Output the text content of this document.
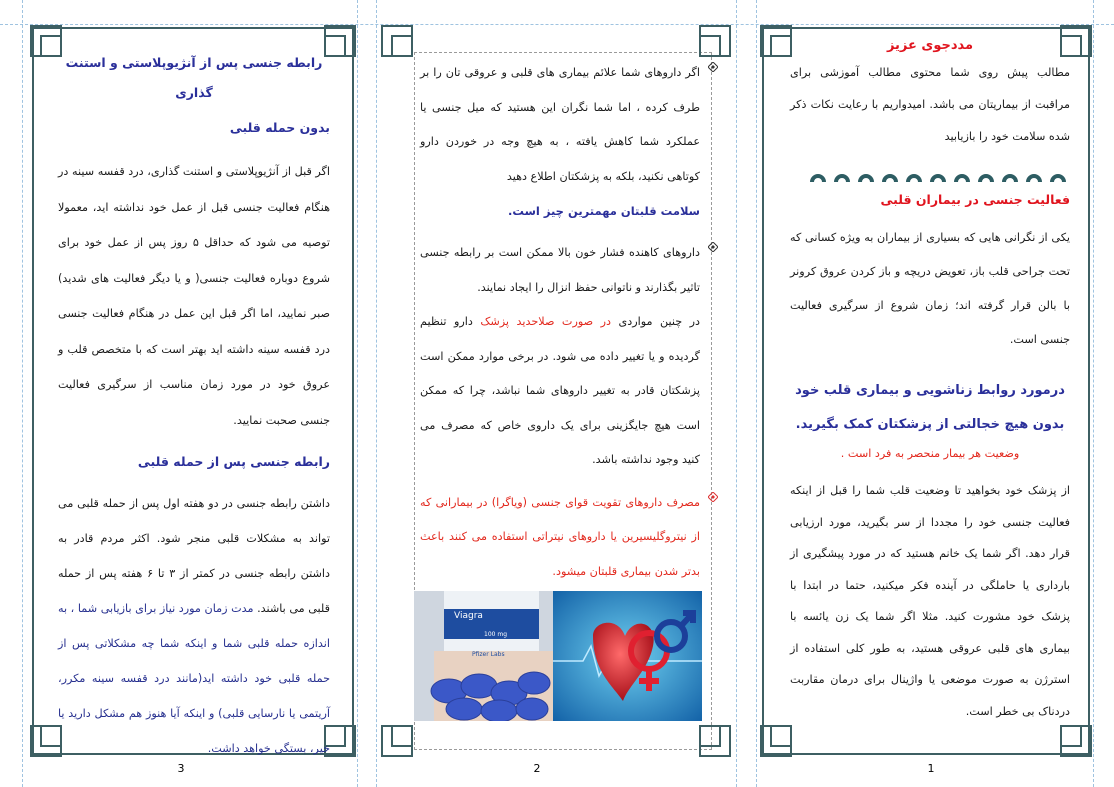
مددجوی عزیز

مطالب پیش روی شما محتوی مطالب آموزشی برای مراقبت از بیماریتان می باشد. امیدواریم با رعایت نکات ذکر شده سلامت خود را بازیابید

فعالیت جنسی در بیماران قلبی

یکی از نگرانی هایی که بسیاری از بیماران به ویژه کسانی که تحت جراحی قلب باز، تعویض دریچه و باز کردن عروق کرونر با بالن قرار گرفته اند؛ زمان شروع از سرگیری فعالیت جنسی است.

درمورد روابط زناشویی و بیماری قلب خود

بدون هیچ خجالتی از پزشکتان کمک بگیرید.

وضعیت هر بیمار منحصر به فرد است .

از پزشک خود بخواهید تا وضعیت قلب شما را قبل از اینکه فعالیت جنسی خود را مجددا از سر بگیرید، مورد ارزیابی قرار دهد. اگر شما یک خانم هستید که در مورد پیشگیری از بارداری یا حاملگی در آینده فکر میکنید، حتما در ابتدا با پزشک خود مشورت کنید. مثلا اگر شما یک زن یائسه با بیماری های قلبی عروقی هستید، به طور کلی استفاده از استرژن به صورت موضعی یا واژینال برای درمان مقاربت دردناک بی خطر است.

1

اگر داروهای شما علائم بیماری های قلبی و عروقی تان را بر طرف کرده ، اما شما نگران این هستید که میل جنسی یا عملکرد شما کاهش یافته ، به هیچ وجه در خوردن دارو کوتاهی نکنید، بلکه به پزشکتان اطلاع دهید

سلامت قلبتان مهمترین چیز است.

داروهای کاهنده فشار خون بالا ممکن است بر رابطه جنسی تاثیر بگذارند و ناتوانی حفظ انزال را ایجاد نمایند.

در چنین مواردی در صورت صلاحدید پزشک دارو تنظیم گردیده و یا تغییر داده می شود. در برخی موارد ممکن است پزشکتان قادر به تغییر داروهای شما نباشد، چرا که ممکن است هیچ جایگزینی برای یک داروی خاص که مصرف می کنید وجود نداشته باشد.

مصرف داروهای تقویت قوای جنسی (ویاگرا) در بیمارانی که از نیتروگلیسیرین یا داروهای نیتراتی استفاده می کنند باعث بدتر شدن بیماری قلبتان میشود.

Viagra
100 mg
Pfizer Labs
2

رابطه جنسی پس از آنژیوپلاستی و استنت گذاری

بدون حمله قلبی

اگر قبل از آنژیوپلاستی و استنت گذاری، درد قفسه سینه در هنگام فعالیت جنسی قبل از عمل خود نداشته اید، معمولا توصیه می شود که حداقل ۵ روز پس از عمل خود برای شروع دوباره فعالیت جنسی( و یا دیگر فعالیت های شدید) صبر نمایید، اما اگر قبل این عمل در هنگام فعالیت جنسی درد قفسه سینه داشته اید بهتر است که با متخصص قلب و عروق خود در مورد زمان مناسب از سرگیری فعالیت جنسی صحبت نمایید.

رابطه جنسی پس از حمله قلبی

داشتن رابطه جنسی در دو هفته اول پس از حمله قلبی می تواند به مشکلات قلبی منجر شود. اکثر مردم قادر به داشتن رابطه جنسی در کمتر از ۳ تا ۶ هفته پس از حمله قلبی می باشند. مدت زمان مورد نیاز برای بازیابی شما ، به اندازه حمله قلبی شما و اینکه شما چه مشکلاتی پس از حمله قلبی خود داشته اید(مانند درد قفسه سینه مکرر، آریتمی یا نارسایی قلبی) و اینکه آیا هنوز هم مشکل دارید یا خیر، بستگی خواهد داشت.

3
